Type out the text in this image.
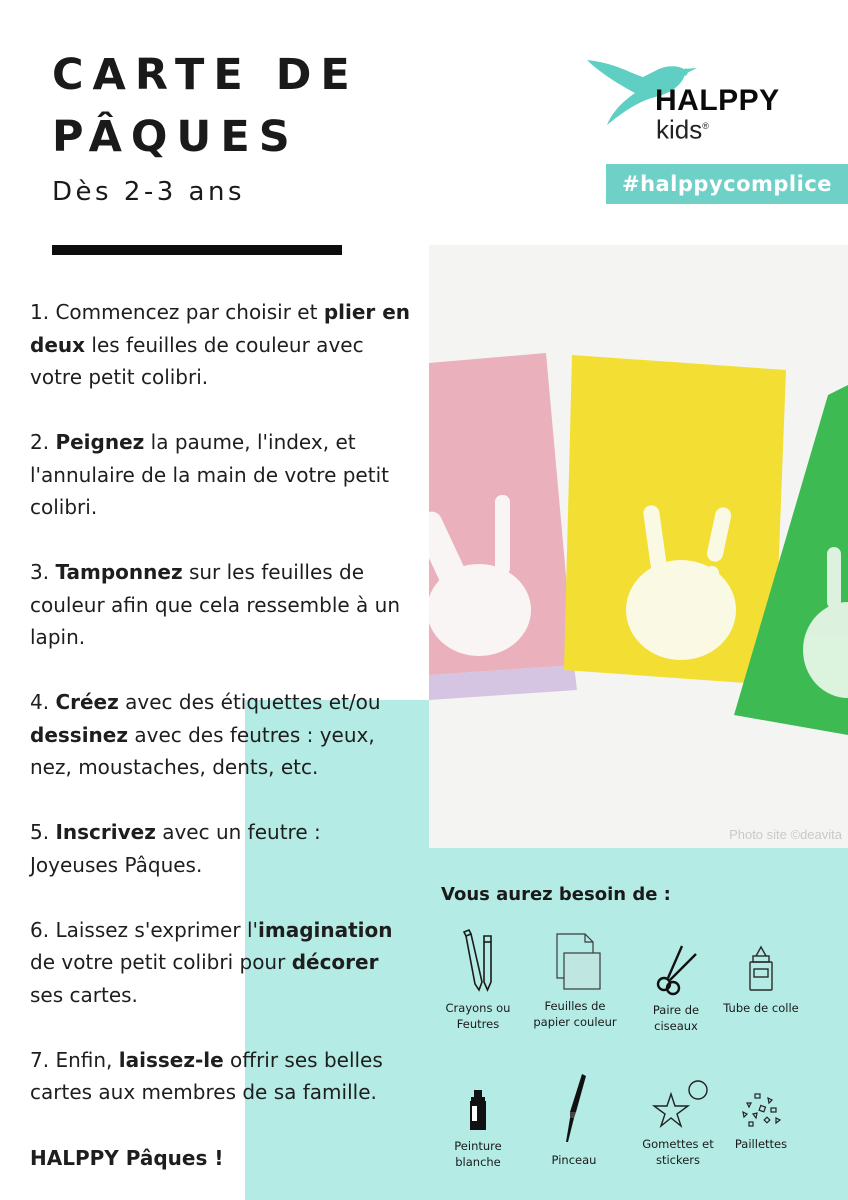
CARTE DE
PÂQUES
Dès 2-3 ans
HALPPY
kids®
#halppycomplice
Photo site ©deavita

1. Commencez par choisir et plier en deux les feuilles de couleur avec votre petit colibri.

2. Peignez la paume, l'index, et l'annulaire de la main de votre petit colibri.

3. Tamponnez sur les feuilles de couleur afin que cela ressemble à un lapin.

4. Créez avec des étiquettes et/ou dessinez avec des feutres : yeux, nez, moustaches, dents, etc.

5. Inscrivez avec un feutre : Joyeuses Pâques.

6. Laissez s'exprimer l'imagination de votre petit colibri pour décorer ses cartes.

7. Enfin, laissez-le offrir ses belles cartes aux membres de sa famille.

HALPPY Pâques !
Vous aurez besoin de :
Crayons ou Feutres
Feuilles de papier couleur
Paire de ciseaux
Tube de colle
Peinture blanche	Pinceau
Gomettes et stickers
Paillettes
